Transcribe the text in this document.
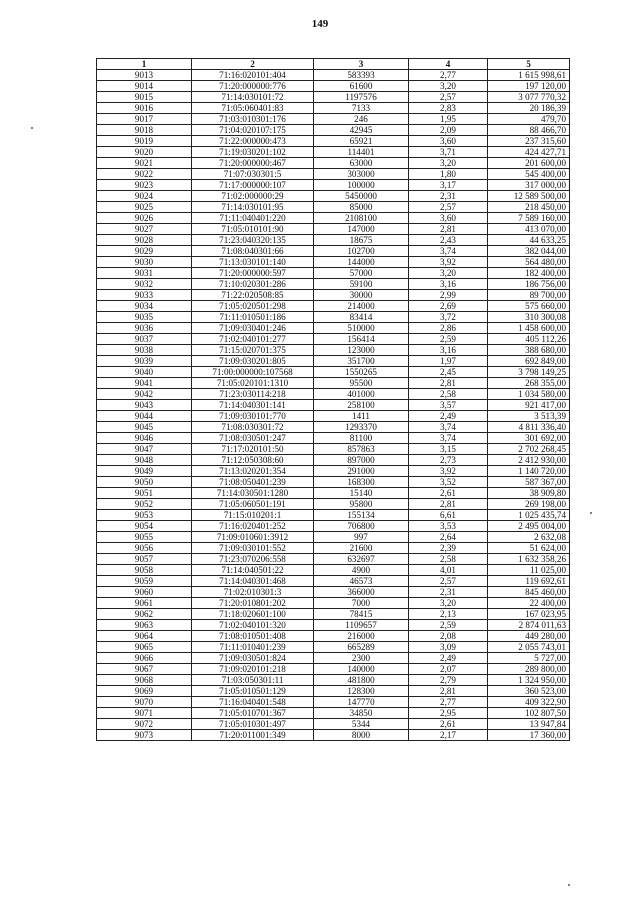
149
1	2	3	4	5
9013	71:16:020101:404	583393	2,77	1 615 998,61
9014	71:20:000000:776	61600	3,20	197 120,00
9015	71:14:030101:72	1197576	2,57	3 077 770,32
9016	71:05:060401:83	7133	2,83	20 186,39
9017	71:03:010301:176	246	1,95	479,70
9018	71:04:020107:175	42945	2,09	88 466,70
9019	71:22:000000:473	65921	3,60	237 315,60
9020	71:19:030201:102	114401	3,71	424 427,71
9021	71:20:000000:467	63000	3,20	201 600,00
9022	71:07:030301:5	303000	1,80	545 400,00
9023	71:17:000000:107	100000	3,17	317 000,00
9024	71:02:000000:29	5450000	2,31	12 589 500,00
9025	71:14:030101:95	85000	2,57	218 450,00
9026	71:11:040401:220	2108100	3,60	7 589 160,00
9027	71:05:010101:90	147000	2,81	413 070,00
9028	71:23:040320:135	18675	2,43	44 633,25
9029	71:08:040301:66	102700	3,74	382 044,00
9030	71:13:030101:140	144000	3,92	564 480,00
9031	71:20:000000:597	57000	3,20	182 400,00
9032	71:10:020301:286	59100	3,16	186 756,00
9033	71:22:020508:85	30000	2,99	89 700,00
9034	71:05:020501:298	214000	2,69	575 660,00
9035	71:11:010501:186	83414	3,72	310 300,08
9036	71:09:030401:246	510000	2,86	1 458 600,00
9037	71:02:040101:277	156414	2,59	405 112,26
9038	71:15:020701:375	123000	3,16	388 680,00
9039	71:09:030201:805	351700	1,97	692 849,00
9040	71:00:000000:107568	1550265	2,45	3 798 149,25
9041	71:05:020101:1310	95500	2,81	268 355,00
9042	71:23:030114:218	401000	2,58	1 034 580,00
9043	71:14:040301:141	258100	3,57	921 417,00
9044	71:09:030101:770	1411	2,49	3 513,39
9045	71:08:030301:72	1293370	3,74	4 811 336,40
9046	71:08:030501:247	81100	3,74	301 692,00
9047	71:17:020101:50	857863	3,15	2 702 268,45
9048	71:12:050308:60	897000	2,73	2 412 930,00
9049	71:13:020201:354	291000	3,92	1 140 720,00
9050	71:08:050401:239	168300	3,52	587 367,00
9051	71:14:030501:1280	15140	2,61	38 909,80
9052	71:05:060501:191	95800	2,81	269 198,00
9053	71:15:010201:1	155134	6,61	1 025 435,74
9054	71:16:020401:252	706800	3,53	2 495 004,00
9055	71:09:010601:3912	997	2,64	2 632,08
9056	71:09:030101:552	21600	2,39	51 624,00
9057	71:23:070206:558	632697	2,58	1 632 358,26
9058	71:14:040501:22	4900	4,01	11 025,00
9059	71:14:040301:468	46573	2,57	119 692,61
9060	71:02:010301:3	366000	2,31	845 460,00
9061	71:20:010801:202	7000	3,20	22 400,00
9062	71:18:020601:100	78415	2,13	167 023,95
9063	71:02:040101:320	1109657	2,59	2 874 011,63
9064	71:08:010501:408	216000	2,08	449 280,00
9065	71:11:010401:239	665289	3,09	2 055 743,01
9066	71:09:030501:824	2300	2,49	5 727,00
9067	71:09:020101:218	140000	2,07	289 800,00
9068	71:03:050301:11	481800	2,79	1 324 950,00
9069	71:05:010501:129	128300	2,81	360 523,00
9070	71:16:040401:548	147770	2,77	409 322,90
9071	71:05:010701:367	34850	2,95	102 807,50
9072	71:05:010301:497	5344	2,61	13 947,84
9073	71:20:011001:349	8000	2,17	17 360,00
